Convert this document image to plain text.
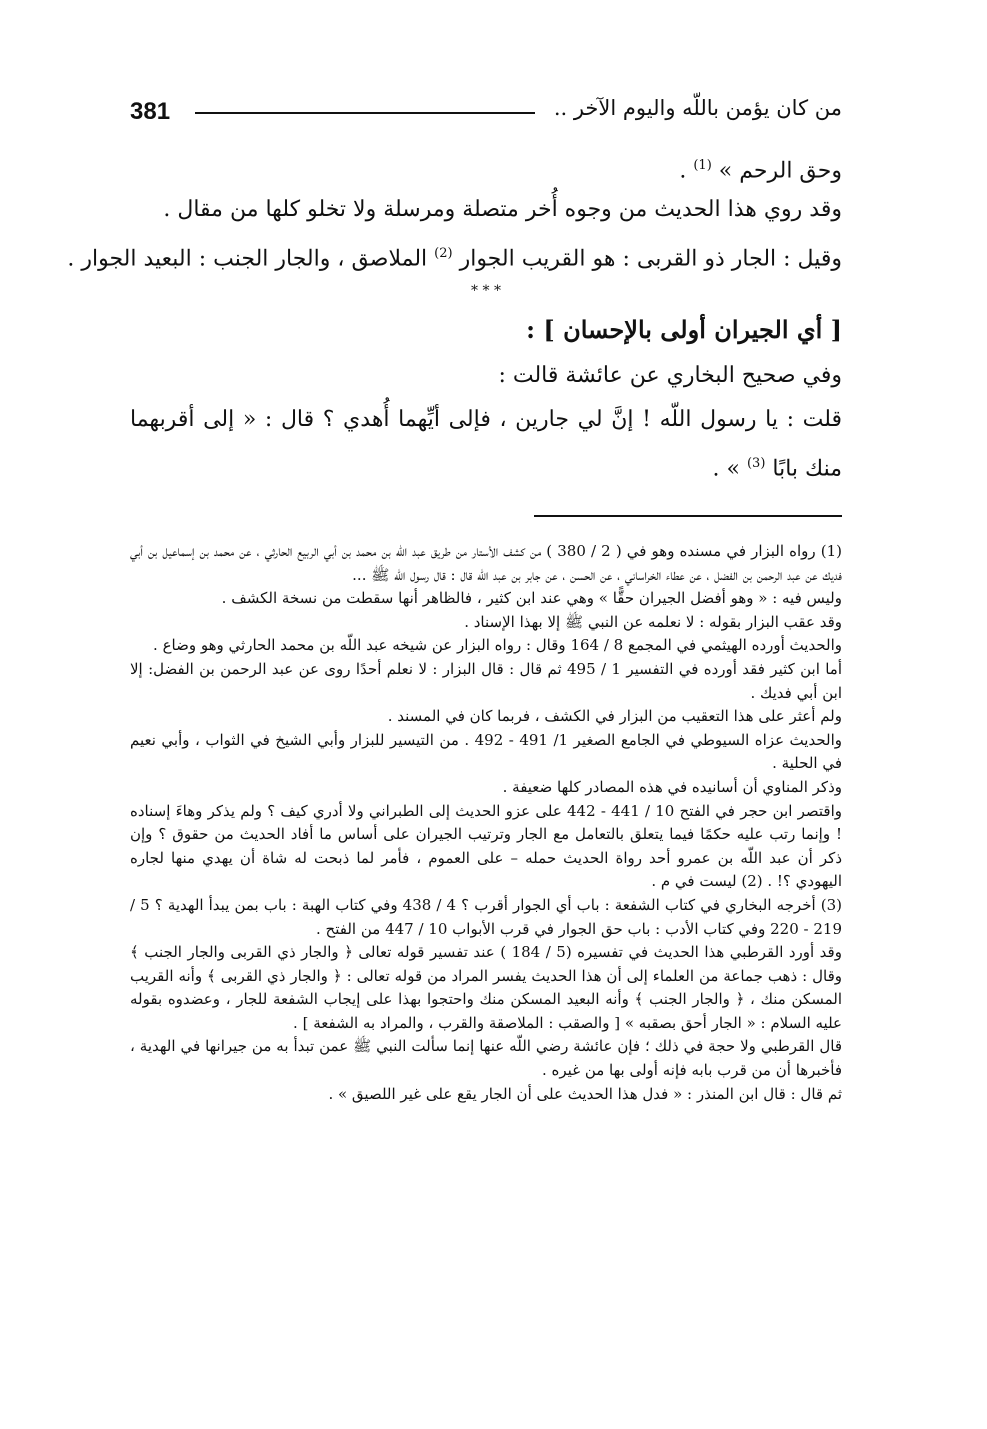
381	من كان يؤمن باللّه واليوم الآخر ..

وحق الرحم » $^{(1)}$ .

وقد روي هذا الحديث من وجوه أُخر متصلة ومرسلة ولا تخلو كلها من مقال .

وقيل : الجار ذو القربى : هو القريب الجوار $^{(2)}$ الملاصق ، والجار الجنب : البعيد الجوار .

* * *

[ أي الجيران أولى بالإحسان ] :

وفي صحيح البخاري عن عائشة قالت :

قلت : يا رسول اللّه ! إنَّ لي جارين ، فإلى أيِّهما أُهدي ؟ قال : « إلى أقربهما منك بابًا $^{(3)}$ » .

(1) رواه البزار في مسنده وهو في ( 2 / 380 ) من كشف الأستار من طريق عبد اللّه بن محمد بن أبي الربيع الحارثي ، عن محمد بن إسماعيل بن أبي فديك عن عبد الرحمن بن الفضل ، عن عطاء الخراساني ، عن الحسن ، عن جابر بن عبد اللّه قال : قال رسول اللّه ﷺ ...

وليس فيه : « وهو أفضل الجيران حقًّا » وهي عند ابن كثير ، فالظاهر أنها سقطت من نسخة الكشف .

وقد عقب البزار بقوله : لا نعلمه عن النبي ﷺ إلا بهذا الإسناد .

والحديث أورده الهيثمي في المجمع 8 / 164 وقال : رواه البزار عن شيخه عبد اللّه بن محمد الحارثي وهو وضاع .

أما ابن كثير فقد أورده في التفسير 1 / 495 ثم قال : قال البزار : لا نعلم أحدًا روى عن عبد الرحمن بن الفضل: إلا ابن أبي فديك .

ولم أعثر على هذا التعقيب من البزار في الكشف ، فربما كان في المسند .

والحديث عزاه السيوطي في الجامع الصغير 1/ 491 - 492 . من التيسير للبزار وأبي الشيخ في الثواب ، وأبي نعيم في الحلية .

وذكر المناوي أن أسانيده في هذه المصادر كلها ضعيفة .

واقتصر ابن حجر في الفتح 10 / 441 - 442 على عزو الحديث إلى الطبراني ولا أدري كيف ؟ ولم يذكر وهاءَ إسناده ! وإنما رتب عليه حكمًا فيما يتعلق بالتعامل مع الجار وترتيب الجيران على أساس ما أفاد الحديث من حقوق ؟ وإن ذكر أن عبد اللّه بن عمرو أحد رواة الحديث حمله – على العموم ، فأمر لما ذبحت له شاة أن يهدي منها لجاره اليهودي ؟! . (2) ليست في م .

(3) أخرجه البخاري في كتاب الشفعة : باب أي الجوار أقرب ؟ 4 / 438 وفي كتاب الهبة : باب بمن يبدأ الهدية ؟ 5 / 219 - 220 وفي كتاب الأدب : باب حق الجوار في قرب الأبواب 10 / 447 من الفتح .

وقد أورد القرطبي هذا الحديث في تفسيره (5 / 184 ) عند تفسير قوله تعالى ﴿ والجار ذي القربى والجار الجنب ﴾ وقال : ذهب جماعة من العلماء إلى أن هذا الحديث يفسر المراد من قوله تعالى : ﴿ والجار ذي القربى ﴾ وأنه القريب المسكن منك ، ﴿ والجار الجنب ﴾ وأنه البعيد المسكن منك واحتجوا بهذا على إيجاب الشفعة للجار ، وعضدوه بقوله عليه السلام : « الجار أحق بصقبه » [ والصقب : الملاصقة والقرب ، والمراد به الشفعة ] .

قال القرطبي ولا حجة في ذلك ؛ فإن عائشة رضي اللّه عنها إنما سألت النبي ﷺ عمن تبدأ به من جيرانها في الهدية ، فأخبرها أن من قرب بابه فإنه أولى بها من غيره .

ثم قال : قال ابن المنذر : « فدل هذا الحديث على أن الجار يقع على غير اللصيق » .
